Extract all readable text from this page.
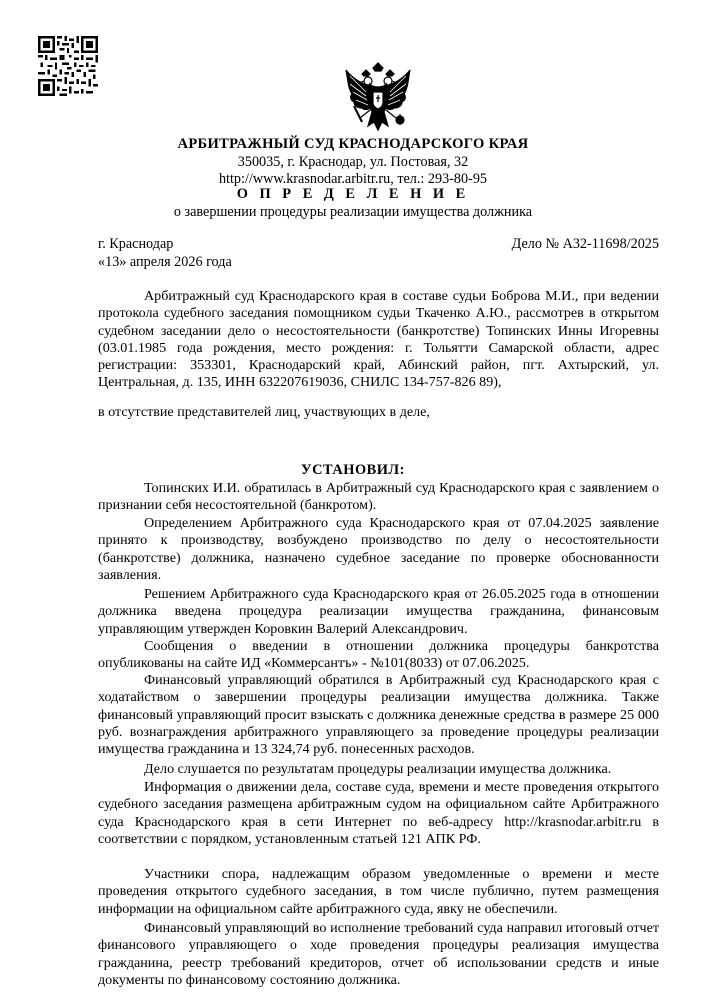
АРБИТРАЖНЫЙ СУД КРАСНОДАРСКОГО КРАЯ
350035, г. Краснодар, ул. Постовая, 32
http://www.krasnodar.arbitr.ru, тел.: 293-80-95
О П Р Е Д Е Л Е Н И Е
о завершении процедуры реализации имущества должника
г. Краснодар
«13» апреля 2026 года
Дело № А32-11698/2025

Арбитражный суд Краснодарского края в составе судьи Боброва М.И., при ведении протокола судебного заседания помощником судьи Ткаченко А.Ю., рассмотрев в открытом судебном заседании дело о несостоятельности (банкротстве) Топинских Инны Игоревны (03.01.1985 года рождения, место рождения: г. Тольятти Самарской области, адрес регистрации: 353301, Краснодарский край, Абинский район, пгт. Ахтырский, ул. Центральная, д. 135, ИНН 632207619036, СНИЛС 134-757-826 89),

в отсутствие представителей лиц, участвующих в деле,

УСТАНОВИЛ:

Топинских И.И. обратилась в Арбитражный суд Краснодарского края с заявлением о признании себя несостоятельной (банкротом).

Определением Арбитражного суда Краснодарского края от 07.04.2025 заявление принято к производству, возбуждено производство по делу о несостоятельности (банкротстве) должника, назначено судебное заседание по проверке обоснованности заявления.

Решением Арбитражного суда Краснодарского края от 26.05.2025 года в отношении должника введена процедура реализации имущества гражданина, финансовым управляющим утвержден Коровкин Валерий Александрович.

Сообщения о введении в отношении должника процедуры банкротства опубликованы на сайте ИД «Коммерсантъ» - №101(8033) от 07.06.2025.

Финансовый управляющий обратился в Арбитражный суд Краснодарского края с ходатайством о завершении процедуры реализации имущества должника. Также финансовый управляющий просит взыскать с должника денежные средства в размере 25 000 руб. вознаграждения арбитражного управляющего за проведение процедуры реализации имущества гражданина и 13 324,74 руб. понесенных расходов.

Дело слушается по результатам процедуры реализации имущества должника.

Информация о движении дела, составе суда, времени и месте проведения открытого судебного заседания размещена арбитражным судом на официальном сайте Арбитражного суда Краснодарского края в сети Интернет по веб-адресу http://krasnodar.arbitr.ru в соответствии с порядком, установленным статьей 121 АПК РФ.

Участники спора, надлежащим образом уведомленные о времени и месте проведения открытого судебного заседания, в том числе публично, путем размещения информации на официальном сайте арбитражного суда, явку не обеспечили.

Финансовый управляющий во исполнение требований суда направил итоговый отчет финансового управляющего о ходе проведения процедуры реализация имущества гражданина, реестр требований кредиторов, отчет об использовании средств и иные документы по финансовому состоянию должника.
